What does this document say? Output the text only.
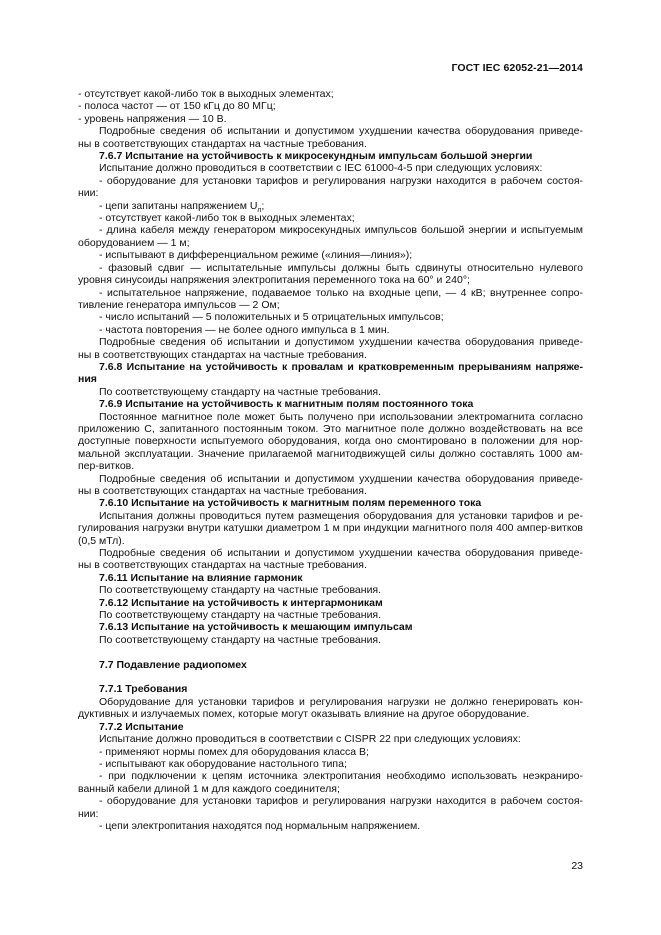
ГОСТ IEC 62052-21—2014
- отсутствует какой-либо ток в выходных элементах;
- полоса частот — от 150 кГц до 80 МГц;
- уровень напряжения — 10 В.
Подробные сведения об испытании и допустимом ухудшении качества оборудования приведе-
ны в соответствующих стандартах на частные требования.
7.6.7 Испытание на устойчивость к микросекундным импульсам большой энергии
Испытание должно проводиться в соответствии с IEC 61000-4-5 при следующих условиях:
- оборудование для установки тарифов и регулирования нагрузки находится в рабочем состоя-
нии:
- цепи запитаны напряжением $U_n$;
- отсутствует какой-либо ток в выходных элементах;
- длина кабеля между генератором микросекундных импульсов большой энергии и испытуемым
оборудованием — 1 м;
- испытывают в дифференциальном режиме («линия—линия»);
- фазовый сдвиг — испытательные импульсы должны быть сдвинуты относительно нулевого
уровня синусоиды напряжения электропитания переменного тока на 60° и 240°;
- испытательное напряжение, подаваемое только на входные цепи, — 4 кВ; внутреннее сопро-
тивление генератора импульсов — 2 Ом;
- число испытаний — 5 положительных и 5 отрицательных импульсов;
- частота повторения — не более одного импульса в 1 мин.
Подробные сведения об испытании и допустимом ухудшении качества оборудования приведе-
ны в соответствующих стандартах на частные требования.
7.6.8 Испытание на устойчивость к провалам и кратковременным прерываниям напряже-
ния
По соответствующему стандарту на частные требования.
7.6.9 Испытание на устойчивость к магнитным полям постоянного тока
Постоянное магнитное поле может быть получено при использовании электромагнита согласно
приложению С, запитанного постоянным током. Это магнитное поле должно воздействовать на все
доступные поверхности испытуемого оборудования, когда оно смонтировано в положении для нор-
мальной эксплуатации. Значение прилагаемой магнитодвижущей силы должно составлять 1000 ам-
пер-витков.
Подробные сведения об испытании и допустимом ухудшении качества оборудования приведе-
ны в соответствующих стандартах на частные требования.
7.6.10 Испытание на устойчивость к магнитным полям переменного тока
Испытания должны проводиться путем размещения оборудования для установки тарифов и ре-
гулирования нагрузки внутри катушки диаметром 1 м при индукции магнитного поля 400 ампер-витков
(0,5 мТл).
Подробные сведения об испытании и допустимом ухудшении качества оборудования приведе-
ны в соответствующих стандартах на частные требования.
7.6.11 Испытание на влияние гармоник
По соответствующему стандарту на частные требования.
7.6.12 Испытание на устойчивость к интергармоникам
По соответствующему стандарту на частные требования.
7.6.13 Испытание на устойчивость к мешающим импульсам
По соответствующему стандарту на частные требования.
7.7 Подавление радиопомех
7.7.1 Требования
Оборудование для установки тарифов и регулирования нагрузки не должно генерировать кон-
дуктивных и излучаемых помех, которые могут оказывать влияние на другое оборудование.
7.7.2 Испытание
Испытание должно проводиться в соответствии с CISPR 22 при следующих условиях:
- применяют нормы помех для оборудования класса В;
- испытывают как оборудование настольного типа;
- при подключении к цепям источника электропитания необходимо использовать неэкраниро-
ванный кабели длиной 1 м для каждого соединителя;
- оборудование для установки тарифов и регулирования нагрузки находится в рабочем состоя-
нии:
- цепи электропитания находятся под нормальным напряжением.
23
